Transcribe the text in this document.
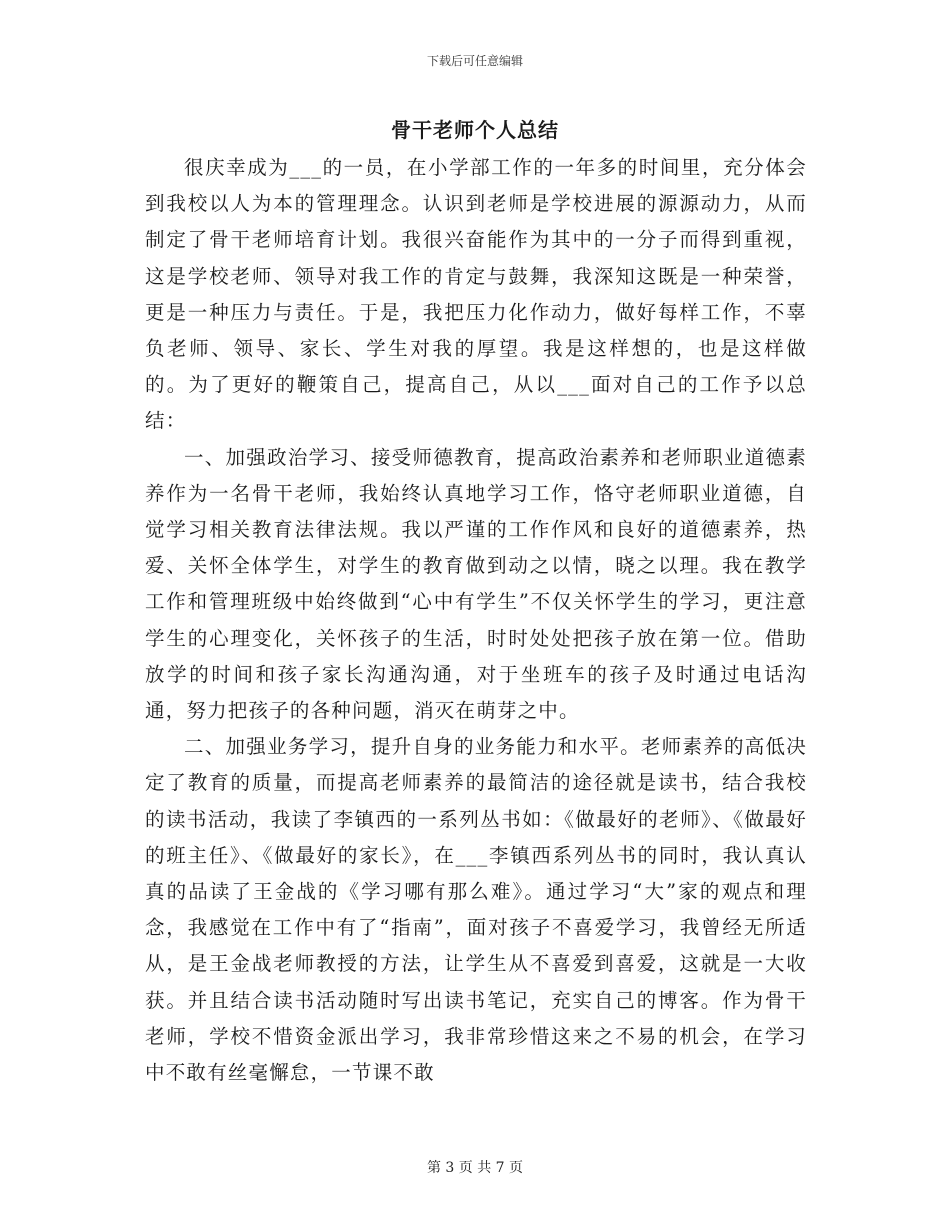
下载后可任意编辑
骨干老师个人总结

很庆幸成为___的一员，在小学部工作的一年多的时间里，充分体会到我校以人为本的管理理念。认识到老师是学校进展的源源动力，从而制定了骨干老师培育计划。我很兴奋能作为其中的一分子而得到重视，这是学校老师、领导对我工作的肯定与鼓舞，我深知这既是一种荣誉，更是一种压力与责任。于是，我把压力化作动力，做好每样工作，不辜负老师、领导、家长、学生对我的厚望。我是这样想的，也是这样做的。为了更好的鞭策自己，提高自己，从以___面对自己的工作予以总结：

一、加强政治学习、接受师德教育，提高政治素养和老师职业道德素养作为一名骨干老师，我始终认真地学习工作，恪守老师职业道德，自觉学习相关教育法律法规。我以严谨的工作作风和良好的道德素养，热爱、关怀全体学生，对学生的教育做到动之以情，晓之以理。我在教学工作和管理班级中始终做到“心中有学生”不仅关怀学生的学习，更注意学生的心理变化，关怀孩子的生活，时时处处把孩子放在第一位。借助放学的时间和孩子家长沟通沟通，对于坐班车的孩子及时通过电话沟通，努力把孩子的各种问题，消灭在萌芽之中。

二、加强业务学习，提升自身的业务能力和水平。老师素养的高低决定了教育的质量，而提高老师素养的最简洁的途径就是读书，结合我校的读书活动，我读了李镇西的一系列丛书如：《做最好的老师》、《做最好的班主任》、《做最好的家长》，在___李镇西系列丛书的同时，我认真认真的品读了王金战的《学习哪有那么难》。通过学习“大”家的观点和理念，我感觉在工作中有了“指南”，面对孩子不喜爱学习，我曾经无所适从，是王金战老师教授的方法，让学生从不喜爱到喜爱，这就是一大收获。并且结合读书活动随时写出读书笔记，充实自己的博客。作为骨干老师，学校不惜资金派出学习，我非常珍惜这来之不易的机会，在学习中不敢有丝毫懈怠，一节课不敢

第 3 页 共 7 页
